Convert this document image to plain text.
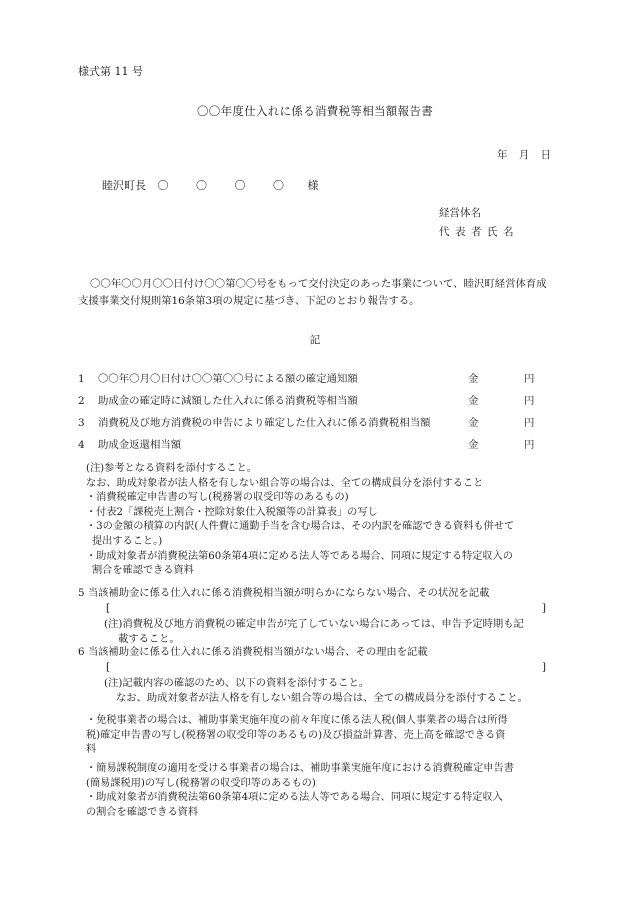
様式第 11 号
〇〇年度仕入れに係る消費税等相当額報告書
年 月 日
睦沢町長 〇 〇 〇 〇 様
経営体名
代表者氏名
〇〇年〇〇月〇〇日付け〇〇第〇〇号をもって交付決定のあった事業について、睦沢町経営体育成支援事業交付規則第16条第3項の規定に基づき、下記のとおり報告する。
記
1	〇〇年〇月〇日付け〇〇第〇〇号による額の確定通知額	金	円
2	助成金の確定時に減額した仕入れに係る消費税等相当額	金	円
3	消費税及び地方消費税の申告により確定した仕入れに係る消費税相当額	金	円
4	助成金返還相当額	金	円

(注)参考となる資料を添付すること。

なお、助成対象者が法人格を有しない組合等の場合は、全ての構成員分を添付すること

・消費税確定申告書の写し(税務署の収受印等のあるもの)

・付表2「課税売上割合・控除対象仕入税額等の計算表」の写し

・3の金額の積算の内訳(人件費に通勤手当を含む場合は、その内訳を確認できる資料も併せて

提出すること。)

・助成対象者が消費税法第60条第4項に定める法人等である場合、同項に規定する特定収入の

割合を確認できる資料

5 当該補助金に係る仕入れに係る消費税相当額が明らかにならない場合、その状況を記載

[	]

(注)消費税及び地方消費税の確定申告が完了していない場合にあっては、申告予定時期も記

載すること。

6 当該補助金に係る仕入れに係る消費税相当額がない場合、その理由を記載

[	]

(注)記載内容の確認のため、以下の資料を添付すること。

なお、助成対象者が法人格を有しない組合等の場合は、全ての構成員分を添付すること。

・免税事業者の場合は、補助事業実施年度の前々年度に係る法人税(個人事業者の場合は所得

税)確定申告書の写し(税務署の収受印等のあるもの)及び損益計算書、売上高を確認できる資

料

・簡易課税制度の適用を受ける事業者の場合は、補助事業実施年度における消費税確定申告書

(簡易課税用)の写し(税務署の収受印等のあるもの)

・助成対象者が消費税法第60条第4項に定める法人等である場合、同項に規定する特定収入

の割合を確認できる資料
